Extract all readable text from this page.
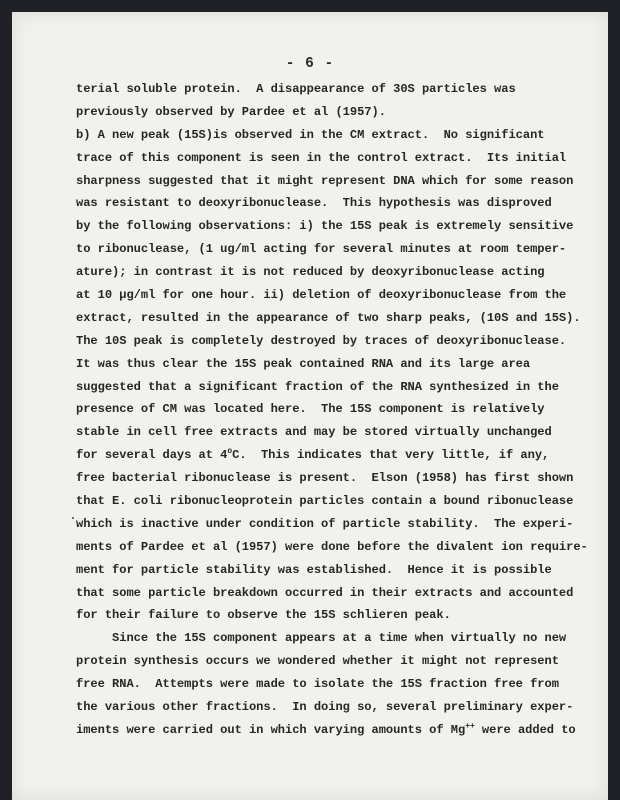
- 6 -
terial soluble protein.  A disappearance of 30S particles was
previously observed by Pardee et al (1957).
b) A new peak (15S)is observed in the CM extract.  No significant
trace of this component is seen in the control extract.  Its initial
sharpness suggested that it might represent DNA which for some reason
was resistant to deoxyribonuclease.  This hypothesis was disproved
by the following observations: i) the 15S peak is extremely sensitive
to ribonuclease, (1 ug/ml acting for several minutes at room temper-
ature); in contrast it is not reduced by deoxyribonuclease acting
at 10 µg/ml for one hour. ii) deletion of deoxyribonuclease from the
extract, resulted in the appearance of two sharp peaks, (10S and 15S).
The 10S peak is completely destroyed by traces of deoxyribonuclease.
It was thus clear the 15S peak contained RNA and its large area
suggested that a significant fraction of the RNA synthesized in the
presence of CM was located here.  The 15S component is relatively
stable in cell free extracts and may be stored virtually unchanged
for several days at 4$^o$C.  This indicates that very little, if any,
free bacterial ribonuclease is present.  Elson (1958) has first shown
that E. coli ribonucleoprotein particles contain a bound ribonuclease
which is inactive under condition of particle stability.  The experi-
ments of Pardee et al (1957) were done before the divalent ion require-
ment for particle stability was established.  Hence it is possible
that some particle breakdown occurred in their extracts and accounted
for their failure to observe the 15S schlieren peak.
Since the 15S component appears at a time when virtually no new
protein synthesis occurs we wondered whether it might not represent
free RNA.  Attempts were made to isolate the 15S fraction free from
the various other fractions.  In doing so, several preliminary exper-
iments were carried out in which varying amounts of Mg++ were added to
